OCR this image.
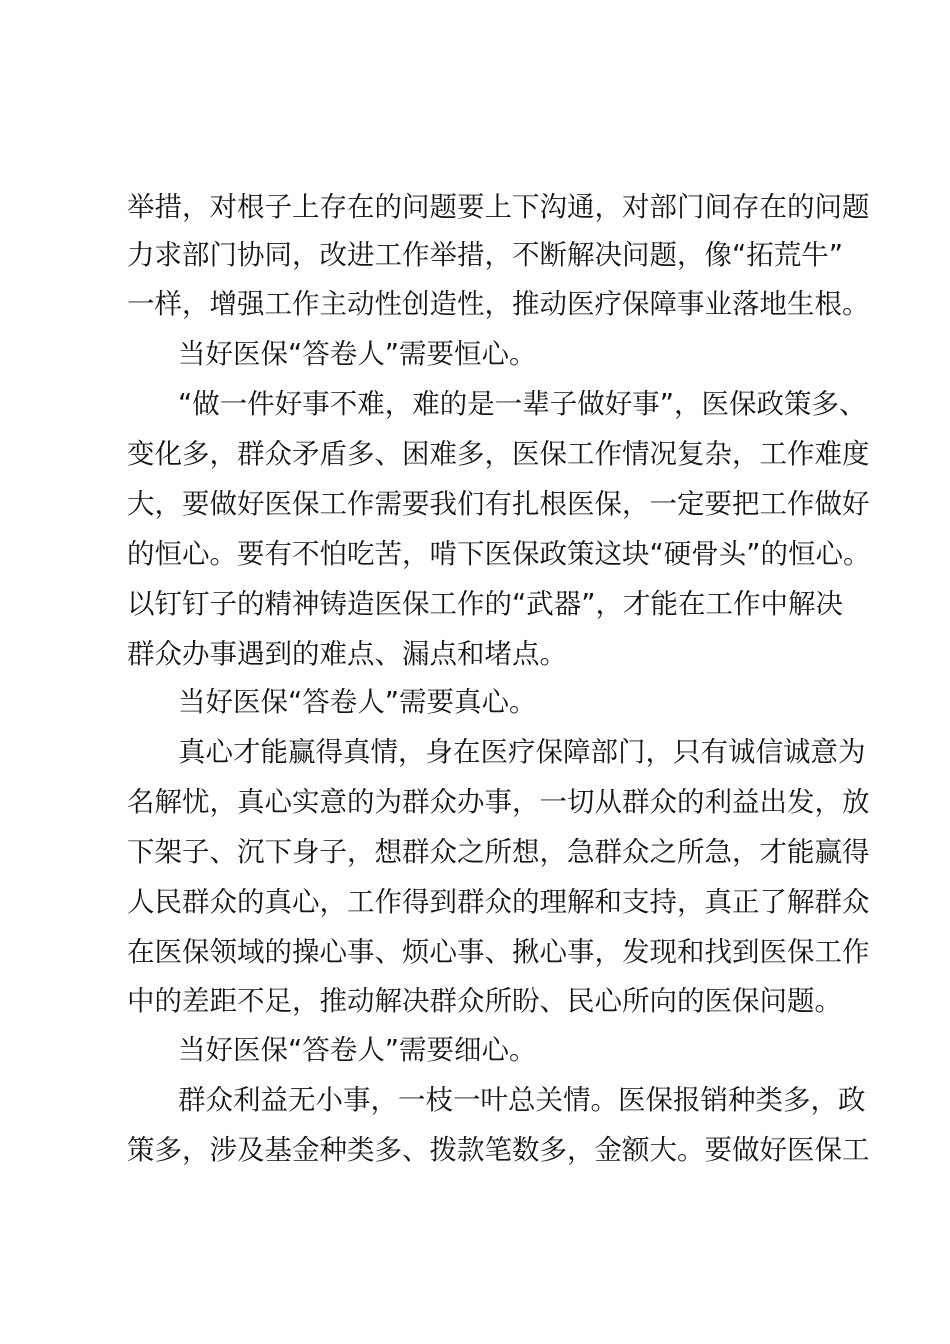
举措，对根子上存在的问题要上下沟通，对部门间存在的问题
力求部门协同，改进工作举措，不断解决问题，像“拓荒牛”
一样，增强工作主动性创造性，推动医疗保障事业落地生根。
当好医保“答卷人”需要恒心。
“做一件好事不难，难的是一辈子做好事”，医保政策多、
变化多，群众矛盾多、困难多，医保工作情况复杂，工作难度
大，要做好医保工作需要我们有扎根医保，一定要把工作做好
的恒心。要有不怕吃苦，啃下医保政策这块“硬骨头”的恒心。
以钉钉子的精神铸造医保工作的“武器”，才能在工作中解决
群众办事遇到的难点、漏点和堵点。
当好医保“答卷人”需要真心。
真心才能赢得真情，身在医疗保障部门，只有诚信诚意为
名解忧，真心实意的为群众办事，一切从群众的利益出发，放
下架子、沉下身子，想群众之所想，急群众之所急，才能赢得
人民群众的真心，工作得到群众的理解和支持，真正了解群众
在医保领域的操心事、烦心事、揪心事，发现和找到医保工作
中的差距不足，推动解决群众所盼、民心所向的医保问题。
当好医保“答卷人”需要细心。
群众利益无小事，一枝一叶总关情。医保报销种类多，政
策多，涉及基金种类多、拨款笔数多，金额大。要做好医保工
